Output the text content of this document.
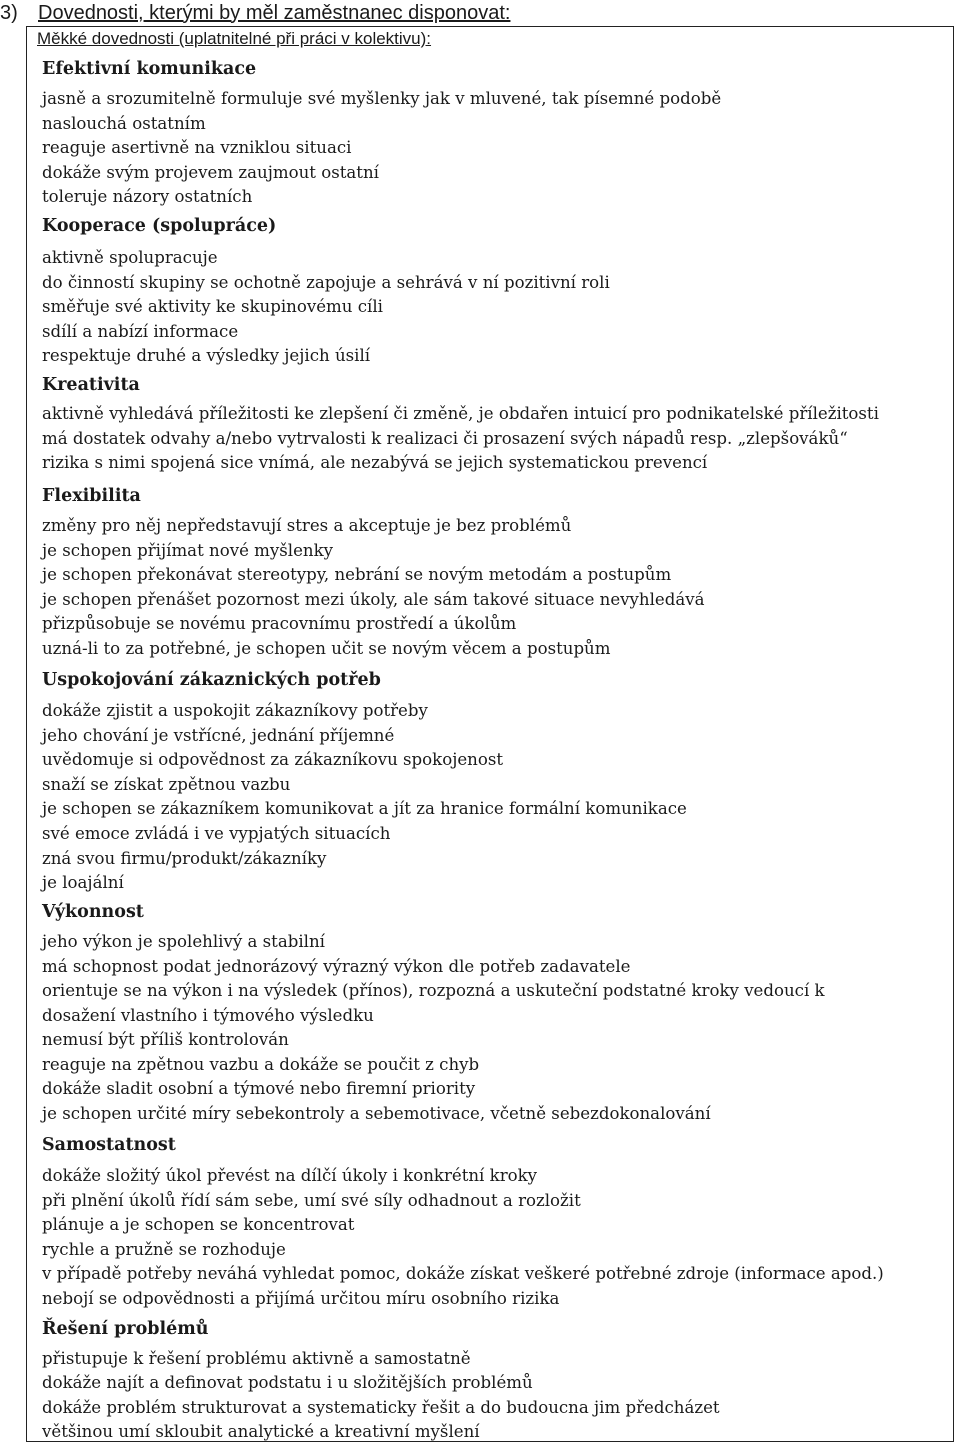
3)	Dovednosti, kterými by měl zaměstnanec disponovat:
Měkké dovednosti (uplatnitelné při práci v kolektivu):
Efektivní komunikace
jasně a srozumitelně formuluje své myšlenky jak v mluvené, tak písemné podobě
naslouchá ostatním
reaguje asertivně na vzniklou situaci
dokáže svým projevem zaujmout ostatní
toleruje názory ostatních
Kooperace (spolupráce)
aktivně spolupracuje
do činností skupiny se ochotně zapojuje a sehrává v ní pozitivní roli
směřuje své aktivity ke skupinovému cíli
sdílí a nabízí informace
respektuje druhé a výsledky jejich úsilí
Kreativita
aktivně vyhledává příležitosti ke zlepšení či změně, je obdařen intuicí pro podnikatelské příležitosti
má dostatek odvahy a/nebo vytrvalosti k realizaci či prosazení svých nápadů resp. „zlepšováků“
rizika s nimi spojená sice vnímá, ale nezabývá se jejich systematickou prevencí
Flexibilita
změny pro něj nepředstavují stres a akceptuje je bez problémů
je schopen přijímat nové myšlenky
je schopen překonávat stereotypy, nebrání se novým metodám a postupům
je schopen přenášet pozornost mezi úkoly, ale sám takové situace nevyhledává
přizpůsobuje se novému pracovnímu prostředí a úkolům
uzná-li to za potřebné, je schopen učit se novým věcem a postupům
Uspokojování zákaznických potřeb
dokáže zjistit a uspokojit zákazníkovy potřeby
jeho chování je vstřícné, jednání příjemné
uvědomuje si odpovědnost za zákazníkovu spokojenost
snaží se získat zpětnou vazbu
je schopen se zákazníkem komunikovat a jít za hranice formální komunikace
své emoce zvládá i ve vypjatých situacích
zná svou firmu/produkt/zákazníky
je loajální
Výkonnost
jeho výkon je spolehlivý a stabilní
má schopnost podat jednorázový výrazný výkon dle potřeb zadavatele
orientuje se na výkon i na výsledek (přínos), rozpozná a uskuteční podstatné kroky vedoucí k
dosažení vlastního i týmového výsledku
nemusí být příliš kontrolován
reaguje na zpětnou vazbu a dokáže se poučit z chyb
dokáže sladit osobní a týmové nebo firemní priority
je schopen určité míry sebekontroly a sebemotivace, včetně sebezdokonalování
Samostatnost
dokáže složitý úkol převést na dílčí úkoly i konkrétní kroky
při plnění úkolů řídí sám sebe, umí své síly odhadnout a rozložit
plánuje a je schopen se koncentrovat
rychle a pružně se rozhoduje
v případě potřeby neváhá vyhledat pomoc, dokáže získat veškeré potřebné zdroje (informace apod.)
nebojí se odpovědnosti a přijímá určitou míru osobního rizika
Řešení problémů
přistupuje k řešení problému aktivně a samostatně
dokáže najít a definovat podstatu i u složitějších problémů
dokáže problém strukturovat a systematicky řešit a do budoucna jim předcházet
většinou umí skloubit analytické a kreativní myšlení
